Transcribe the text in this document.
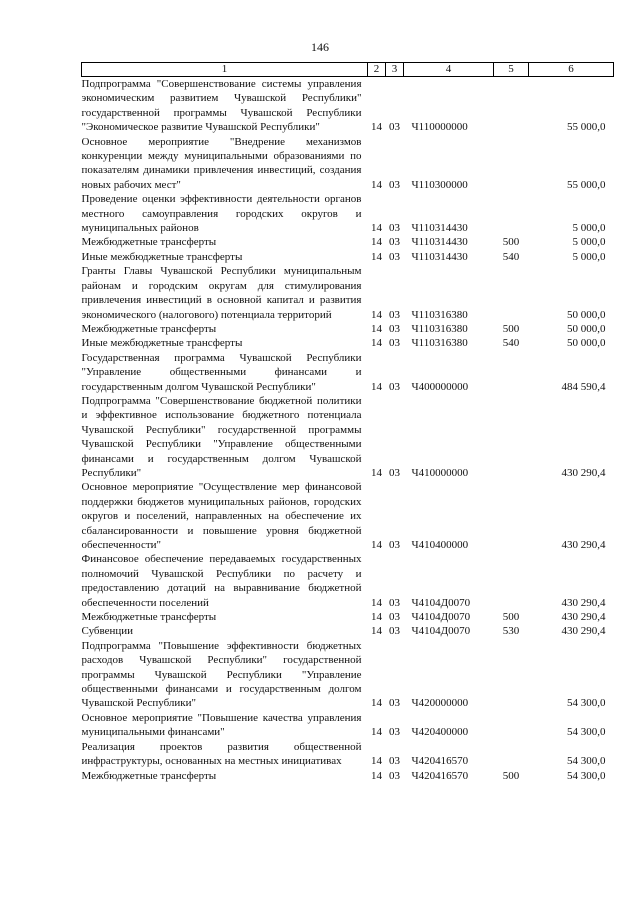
146
1	2	3	4	5	6
Подпрограмма "Совершенствование системы управления экономическим развитием Чувашской Республики" государственной программы Чувашской Республики "Экономическое развитие Чувашской Республики"	14	03	Ч110000000		55 000,0
Основное мероприятие "Внедрение механизмов конкуренции между муниципальными образованиями по показателям динамики привлечения инвестиций, создания новых рабочих мест"	14	03	Ч110300000		55 000,0
Проведение оценки эффективности деятельности органов местного самоуправления городских округов и муниципальных районов	14	03	Ч110314430		5 000,0
Межбюджетные трансферты	14	03	Ч110314430	500	5 000,0
Иные межбюджетные трансферты	14	03	Ч110314430	540	5 000,0
Гранты Главы Чувашской Республики муниципальным районам и городским округам для стимулирования привлечения инвестиций в основной капитал и развития экономического (налогового) потенциала территорий	14	03	Ч110316380		50 000,0
Межбюджетные трансферты	14	03	Ч110316380	500	50 000,0
Иные межбюджетные трансферты	14	03	Ч110316380	540	50 000,0
Государственная программа Чувашской Республики "Управление общественными финансами и государственным долгом Чувашской Республики"	14	03	Ч400000000		484 590,4
Подпрограмма "Совершенствование бюджетной политики и эффективное использование бюджетного потенциала Чувашской Республики" государственной программы Чувашской Республики "Управление общественными финансами и государственным долгом Чувашской Республики"	14	03	Ч410000000		430 290,4
Основное мероприятие "Осуществление мер финансовой поддержки бюджетов муниципальных районов, городских округов и поселений, направленных на обеспечение их сбалансированности и повышение уровня бюджетной обеспеченности"	14	03	Ч410400000		430 290,4
Финансовое обеспечение передаваемых государственных полномочий Чувашской Республики по расчету и предоставлению дотаций на выравнивание бюджетной обеспеченности поселений	14	03	Ч4104Д0070		430 290,4
Межбюджетные трансферты	14	03	Ч4104Д0070	500	430 290,4
Субвенции	14	03	Ч4104Д0070	530	430 290,4
Подпрограмма "Повышение эффективности бюджетных расходов Чувашской Республики" государственной программы Чувашской Республики "Управление общественными финансами и государственным долгом Чувашской Республики"	14	03	Ч420000000		54 300,0
Основное мероприятие "Повышение качества управления муниципальными финансами"	14	03	Ч420400000		54 300,0
Реализация проектов развития общественной инфраструктуры, основанных на местных инициативах	14	03	Ч420416570		54 300,0
Межбюджетные трансферты	14	03	Ч420416570	500	54 300,0
